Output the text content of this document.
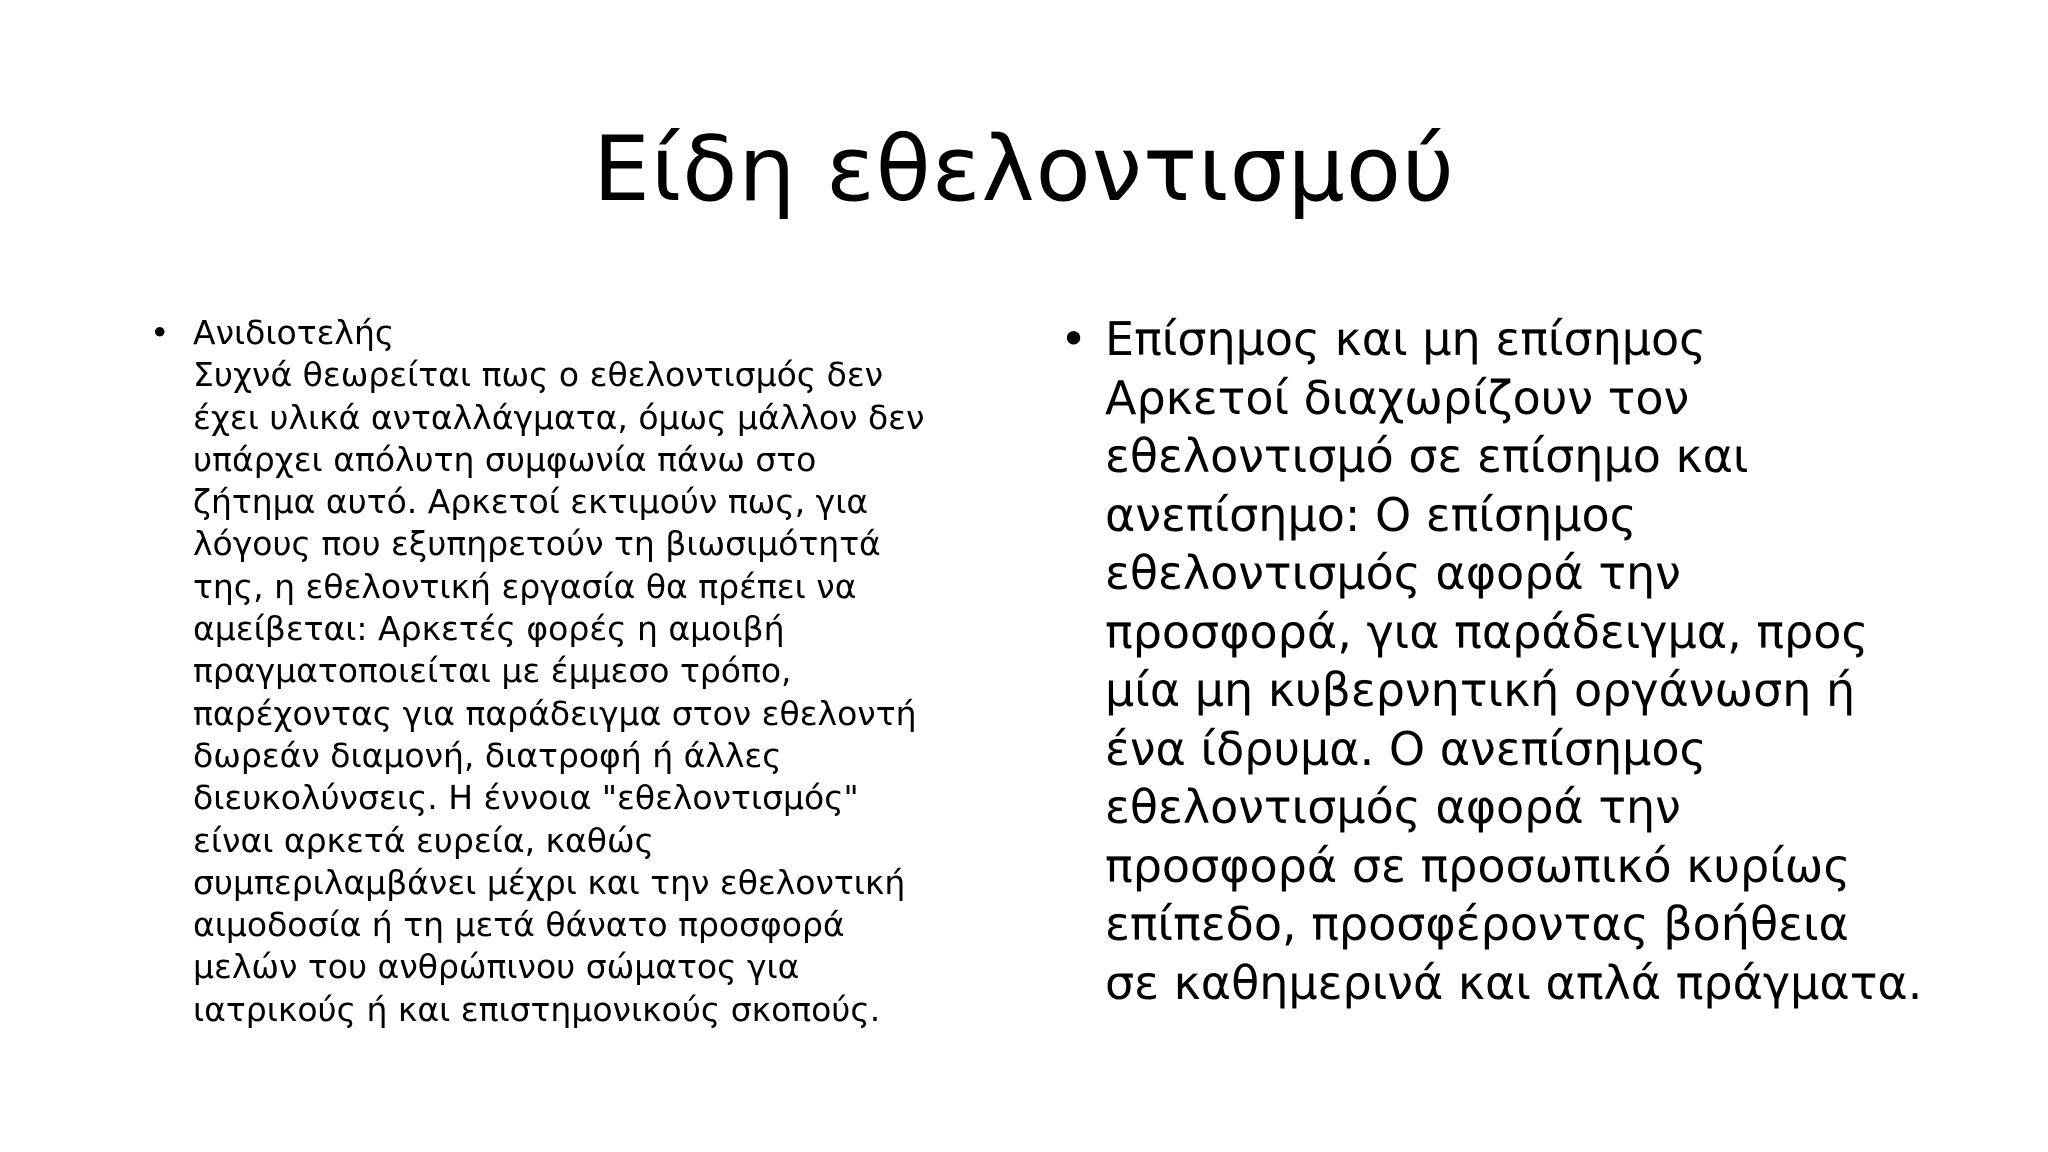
Είδη εθελοντισμού
•
Ανιδιοτελής
Συχνά θεωρείται πως ο εθελοντισμός δεν
έχει υλικά ανταλλάγματα, όμως μάλλον δεν
υπάρχει απόλυτη συμφωνία πάνω στο
ζήτημα αυτό. Αρκετοί εκτιμούν πως, για
λόγους που εξυπηρετούν τη βιωσιμότητά
της, η εθελοντική εργασία θα πρέπει να
αμείβεται: Αρκετές φορές η αμοιβή
πραγματοποιείται με έμμεσο τρόπο,
παρέχοντας για παράδειγμα στον εθελοντή
δωρεάν διαμονή, διατροφή ή άλλες
διευκολύνσεις. Η έννοια "εθελοντισμός"
είναι αρκετά ευρεία, καθώς
συμπεριλαμβάνει μέχρι και την εθελοντική
αιμοδοσία ή τη μετά θάνατο προσφορά
μελών του ανθρώπινου σώματος για
ιατρικούς ή και επιστημονικούς σκοπούς.
•
Επίσημος και μη επίσημος
Αρκετοί διαχωρίζουν τον
εθελοντισμό σε επίσημο και
ανεπίσημο: Ο επίσημος
εθελοντισμός αφορά την
προσφορά, για παράδειγμα, προς
μία μη κυβερνητική οργάνωση ή
ένα ίδρυμα. Ο ανεπίσημος
εθελοντισμός αφορά την
προσφορά σε προσωπικό κυρίως
επίπεδο, προσφέροντας βοήθεια
σε καθημερινά και απλά πράγματα.
